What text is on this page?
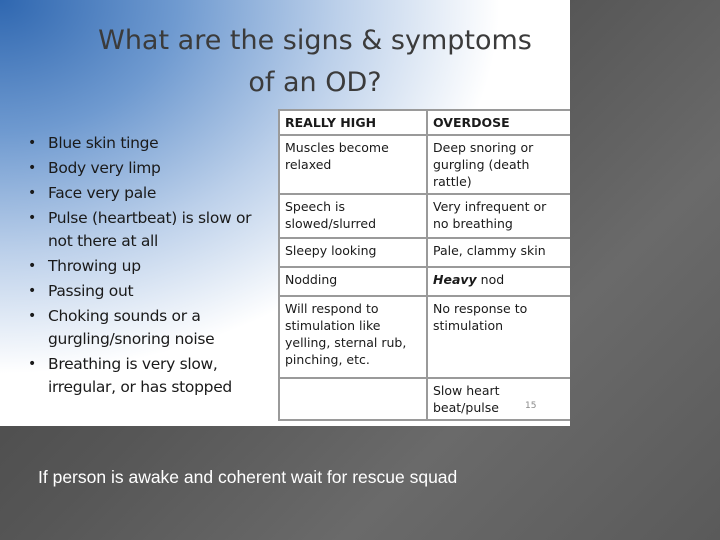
What are the signs & symptoms
of an OD?
• Blue skin tinge
• Body very limp
• Face very pale
• Pulse (heartbeat) is slow or not there at all
• Throwing up
• Passing out
• Choking sounds or a gurgling/snoring noise
• Breathing is very slow, irregular, or has stopped
REALLY HIGH	OVERDOSE
Muscles become relaxed	Deep snoring or gurgling (death rattle)
Speech is slowed/slurred	Very infrequent or no breathing
Sleepy looking	Pale, clammy skin
Nodding	Heavy nod
Will respond to stimulation like yelling, sternal rub, pinching, etc.	No response to stimulation
	Slow heart beat/pulse	15
If person is awake and coherent wait for rescue squad
